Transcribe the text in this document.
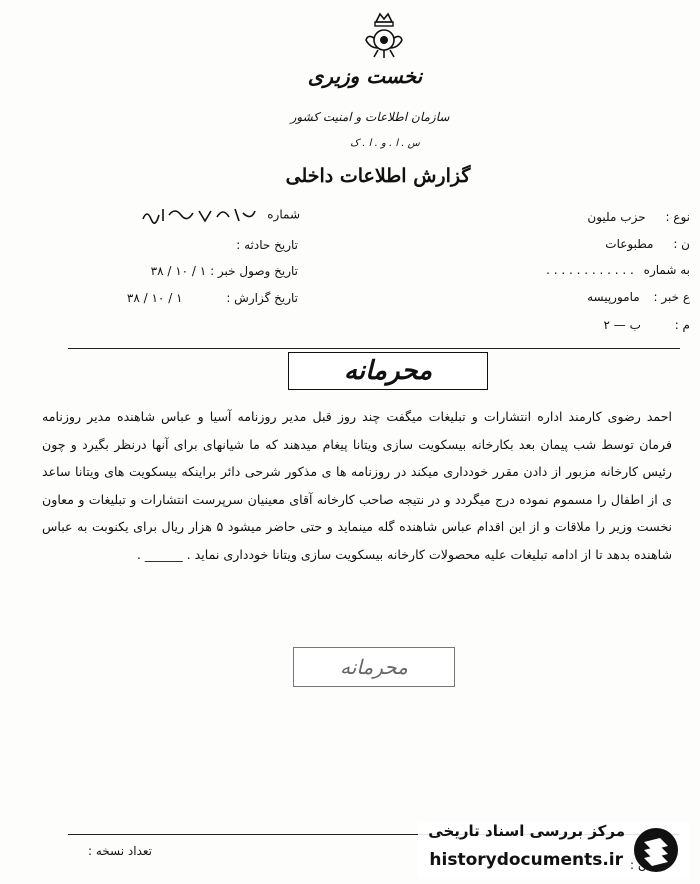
نخست وزیری
سازمان اطلاعات و امنیت کشور
س . ا . و . ا . ک
گزارش اطلاعات داخلی
شماره
تاریخ حادثه :
تاریخ وصول خبر : ۱ / ۱۰ / ۳۸
تاریخ گزارش : ۱ / ۱۰ / ۳۸
نوع : حزب مليون
ن : مطبوعات
به شماره . . . . . . . . . . . .
ع خبر : مامورپیسه
م : ب — ۲
محرمانه
احمد رضوی کارمند اداره انتشارات و تبلیغات میگفت چند روز قبل مدیر روزنامه آسیا و عباس شاهنده مدیر روزنامه فرمان توسط شب پیمان بعد بکارخانه بیسکویت سازی ویتانا پیغام میدهند که ما شیانهای برای آنها درنظر بگیرد و چون رئیس کارخانه مزبور از دادن مقرر خودداری میکند در روزنامه ها ی مذکور شرحی دائر براینکه بیسکویت های ویتانا ساعد ی از اطفال را مسموم نموده درج میگردد و در نتیجه صاحب کارخانه آقای معینیان سرپرست انتشارات و تبلیغات و معاون نخست وزیر را ملاقات و از این اقدام عباس شاهنده گله مینماید و حتی حاضر میشود ۵ هزار ریال برای یکنوبت به عباس شاهنده بدهد تا از ادامه تبلیغات علیه محصولات کارخانه بیسکویت سازی ویتانا خودداری نماید . ______ .
محرمانه
تعداد نسخه :
مرکز بررسی اسناد تاریخی
historydocuments.ir ن :
